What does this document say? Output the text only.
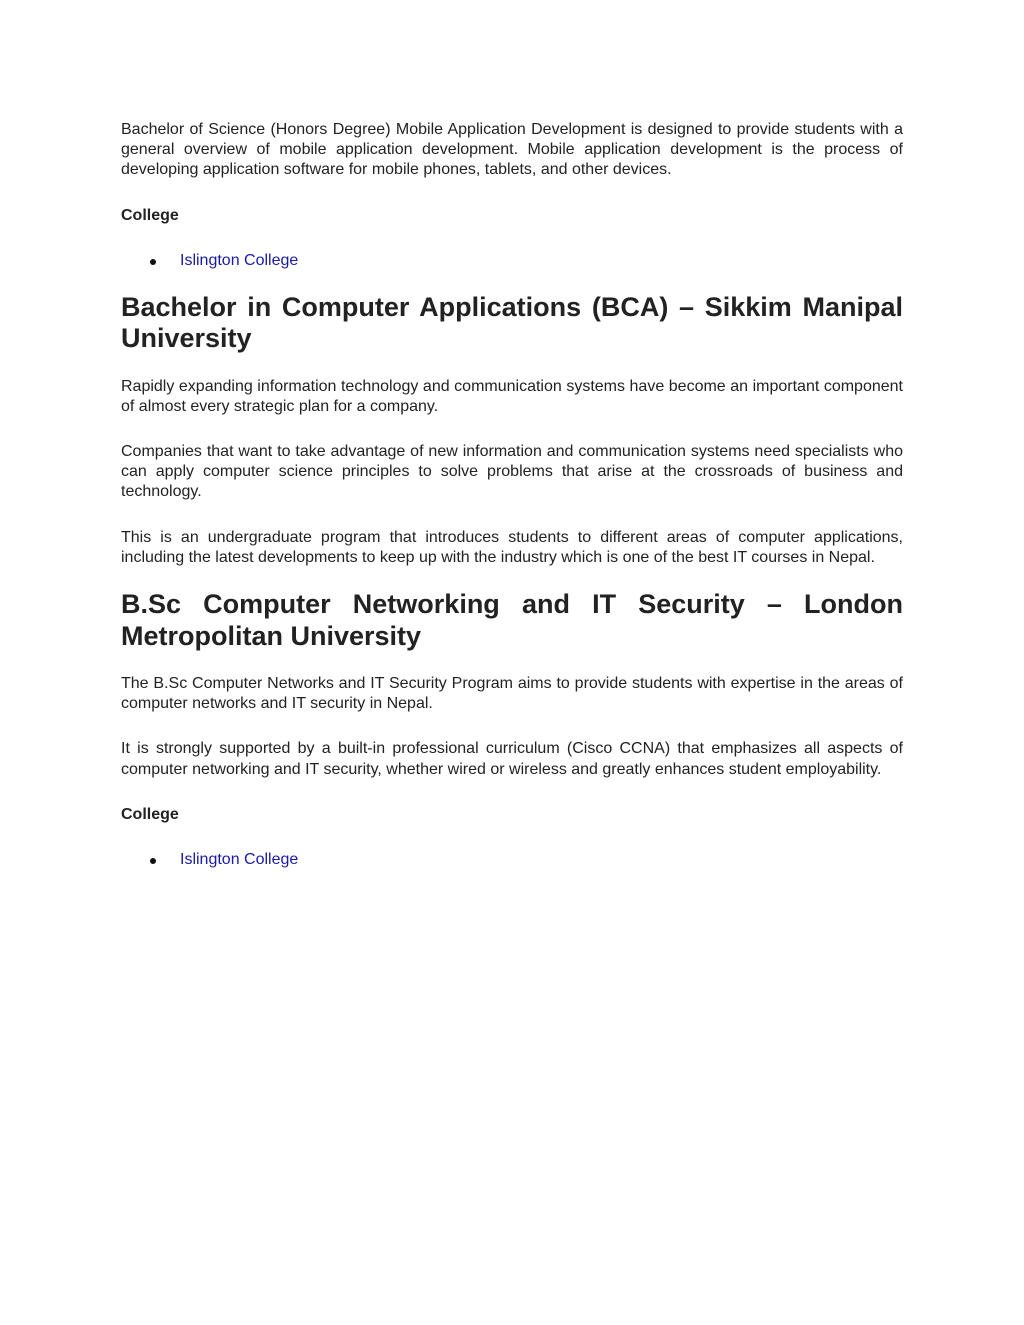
Bachelor of Science (Honors Degree) Mobile Application Development is designed to provide students with a general overview of mobile application development. Mobile application development is the process of developing application software for mobile phones, tablets, and other devices.

College

Islington College
Bachelor in Computer Applications (BCA) – Sikkim Manipal University

Rapidly expanding information technology and communication systems have become an important component of almost every strategic plan for a company.

Companies that want to take advantage of new information and communication systems need specialists who can apply computer science principles to solve problems that arise at the crossroads of business and technology.

This is an undergraduate program that introduces students to different areas of computer applications, including the latest developments to keep up with the industry which is one of the best IT courses in Nepal.

B.Sc Computer Networking and IT Security – London Metropolitan University

The B.Sc Computer Networks and IT Security Program aims to provide students with expertise in the areas of computer networks and IT security in Nepal.

It is strongly supported by a built-in professional curriculum (Cisco CCNA) that emphasizes all aspects of computer networking and IT security, whether wired or wireless and greatly enhances student employability.

College

Islington College
